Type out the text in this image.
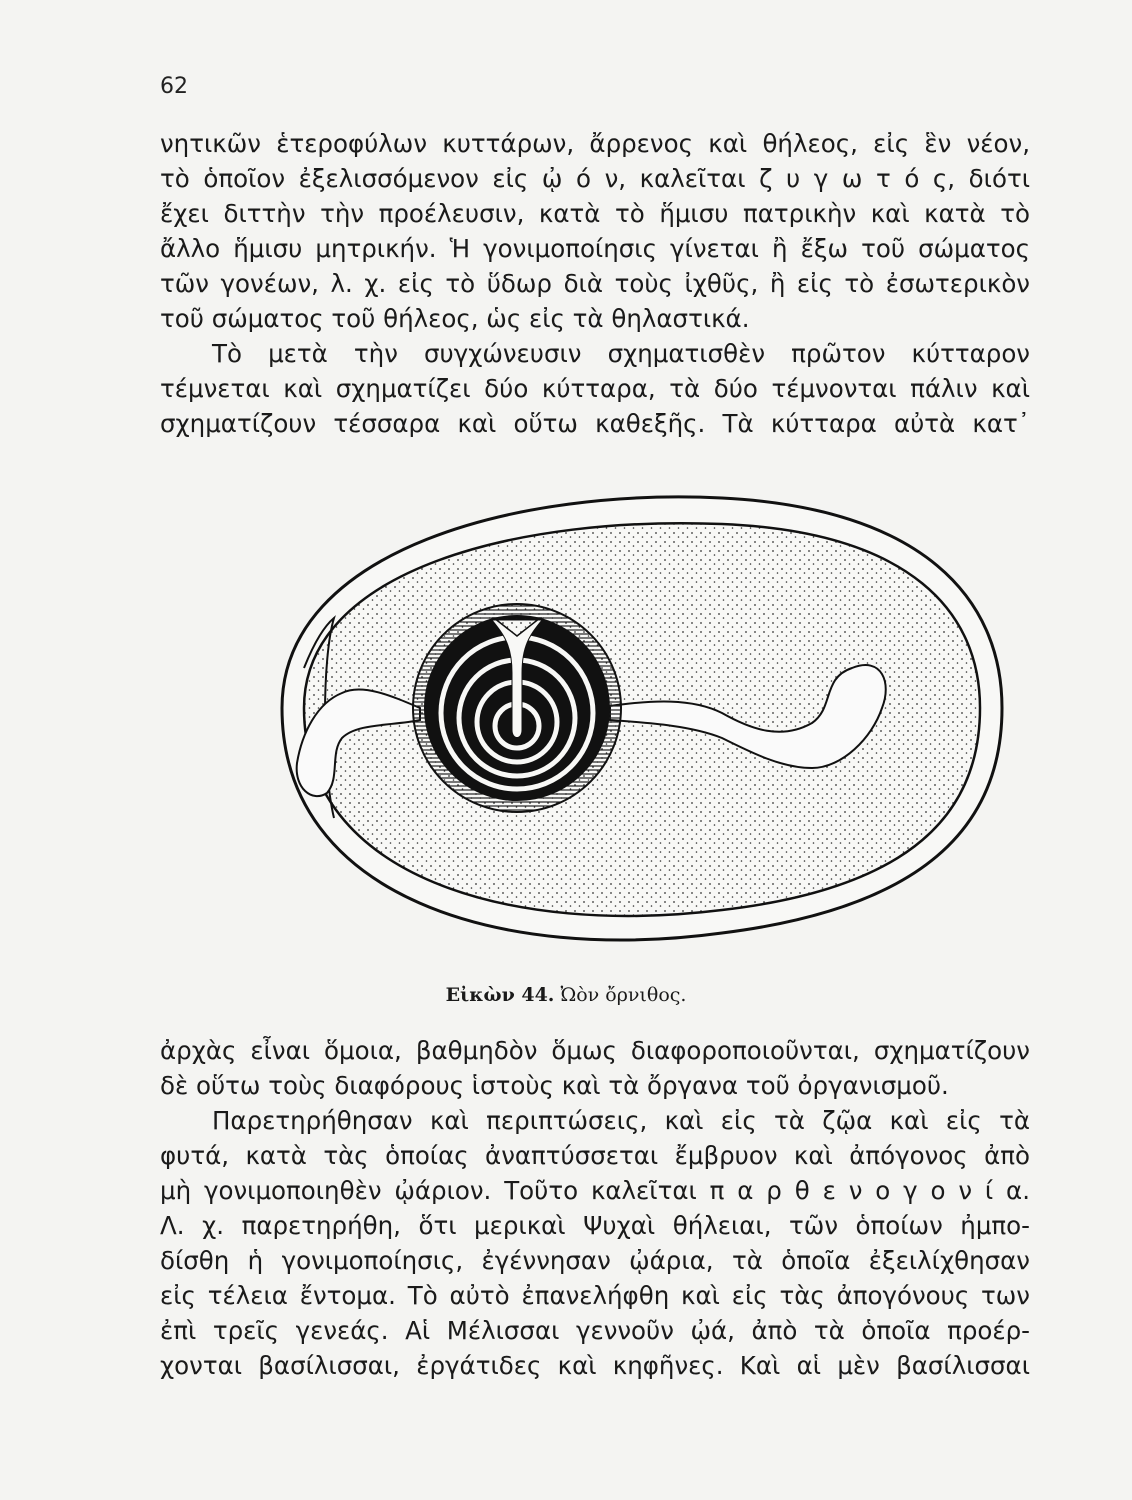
62
νητικῶν ἑτεροφύλων κυττάρων, ἄρρενος καὶ θήλεος, εἰς ἓν νέον,
τὸ ὁποῖον ἐξελισσόμενον εἰς ᾠ ό ν, καλεῖται ζ υ γ ω τ ό ς, διότι
ἔχει διττὴν τὴν προέλευσιν, κατὰ τὸ ἥμισυ πατρικὴν καὶ κατὰ τὸ
ἄλλο ἥμισυ μητρικήν. Ἡ γονιμοποίησις γίνεται ἢ ἔξω τοῦ σώματος
τῶν γονέων, λ. χ. εἰς τὸ ὕδωρ διὰ τοὺς ἰχθῦς, ἢ εἰς τὸ ἐσωτερικὸν
τοῦ σώματος τοῦ θήλεος, ὡς εἰς τὰ θηλαστικά.
Τὸ μετὰ τὴν συγχώνευσιν σχηματισθὲν πρῶτον κύτταρον
τέμνεται καὶ σχηματίζει δύο κύτταρα, τὰ δύο τέμνονται πάλιν καὶ
σχηματίζουν τέσσαρα καὶ οὕτω καθεξῆς. Τὰ κύτταρα αὐτὰ κατ᾿
Εἰκὼν 44. Ὠὸν ὄρνιθος.
ἀρχὰς εἶναι ὅμοια, βαθμηδὸν ὅμως διαφοροποιοῦνται, σχηματίζουν
δὲ οὕτω τοὺς διαφόρους ἱστοὺς καὶ τὰ ὄργανα τοῦ ὀργανισμοῦ.
Παρετηρήθησαν καὶ περιπτώσεις, καὶ εἰς τὰ ζῷα καὶ εἰς τὰ
φυτά, κατὰ τὰς ὁποίας ἀναπτύσσεται ἔμβρυον καὶ ἀπόγονος ἀπὸ
μὴ γονιμοποιηθὲν ᾠάριον. Τοῦτο καλεῖται π α ρ θ ε ν ο γ ο ν ί α.
Λ. χ. παρετηρήθη, ὅτι μερικαὶ Ψυχαὶ θήλειαι, τῶν ὁποίων ἠμπο-
δίσθη ἡ γονιμοποίησις, ἐγέννησαν ᾠάρια, τὰ ὁποῖα ἐξειλίχθησαν
εἰς τέλεια ἔντομα. Τὸ αὐτὸ ἐπανελήφθη καὶ εἰς τὰς ἀπογόνους των
ἐπὶ τρεῖς γενεάς. Αἱ Μέλισσαι γεννοῦν ᾠά, ἀπὸ τὰ ὁποῖα προέρ-
χονται βασίλισσαι, ἐργάτιδες καὶ κηφῆνες. Καὶ αἱ μὲν βασίλισσαι
